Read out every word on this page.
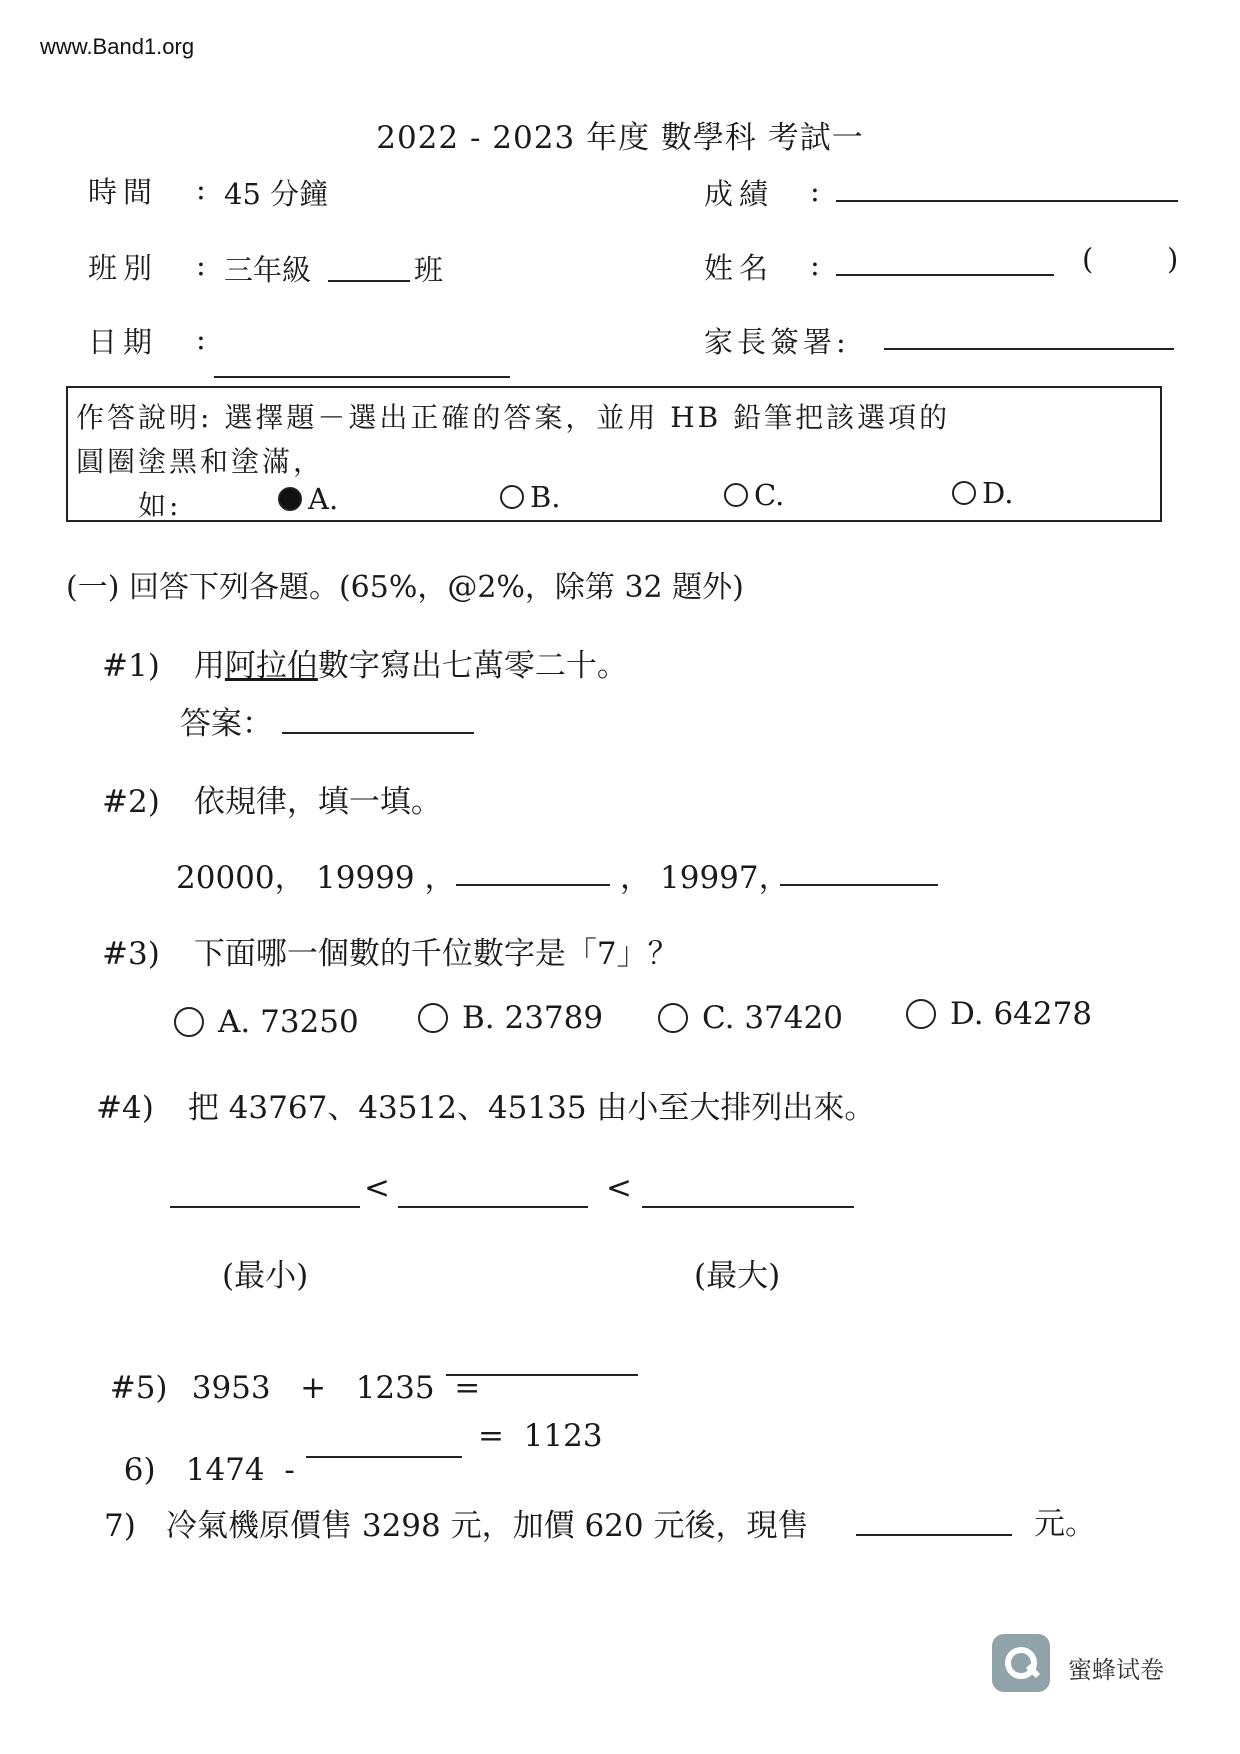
www.Band1.org
2022 - 2023 年度 數學科 考試一
時間 : 45 分鐘	成績 :
班別 : 三年級	班	姓名 :	(        )
日期 :	家長簽署:
作答說明: 選擇題－選出正確的答案，並用 HB 鉛筆把該選項的
圓圈塗黑和塗滿，
如:	A.	B.	C.	D.
(一) 回答下列各題。(65%，@2%，除第 32 題外)
#1) 用阿拉伯數字寫出七萬零二十。
答案：
#2) 依規律，填一填。
20000， 19999 ，	， 19997，
#3) 下面哪一個數的千位數字是「7」？
A. 73250	B. 23789	C. 37420	D. 64278
#4) 把 43767、43512、45135 由小至大排列出來。
<	<
(最小)	(最大)

#5) 3953   +   1235  =

6) 1474  -

=  1123
7) 冷氣機原價售 3298 元，加價 620 元後，現售	元。
蜜蜂试卷
